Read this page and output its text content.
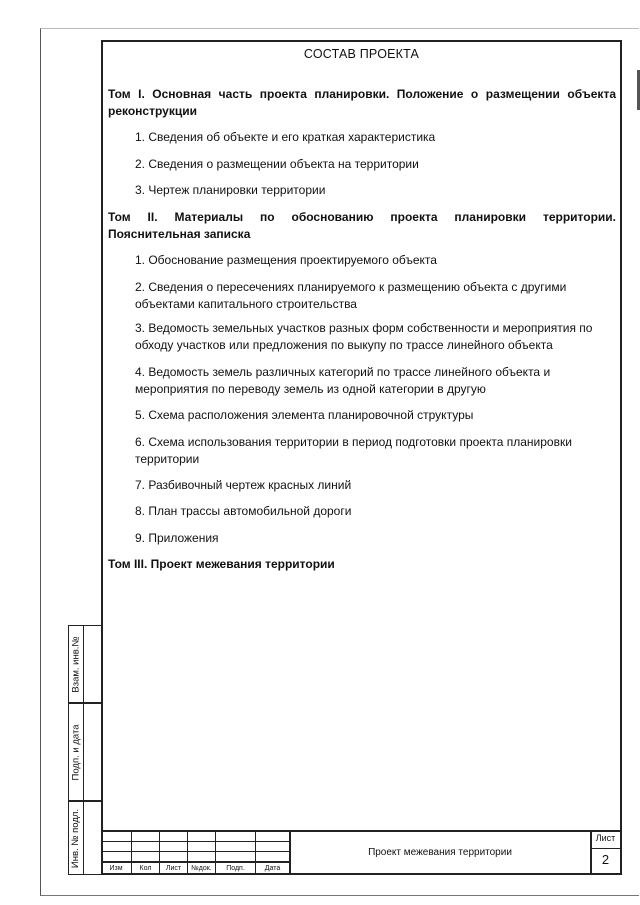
СОСТАВ ПРОЕКТА
Том I. Основная часть проекта планировки. Положение о размещении объекта реконструкции
1. Сведения об объекте и его краткая характеристика
2. Сведения о размещении объекта на территории
3. Чертеж планировки территории
Том II. Материалы по обоснованию проекта планировки территории. Пояснительная записка
1. Обоснование размещения проектируемого объекта
2. Сведения о пересечениях планируемого к размещению объекта с другими объектами капитального строительства
3. Ведомость земельных участков разных форм собственности и мероприятия по обходу участков или предложения по выкупу по трассе линейного объекта
4. Ведомость земель различных категорий по трассе линейного объекта и мероприятия по переводу земель из одной категории в другую
5. Схема расположения элемента планировочной структуры
6. Схема использования территории в период подготовки проекта планировки территории
7. Разбивочный чертеж красных линий
8. План трассы автомобильной дороги
9. Приложения
Том III. Проект межевания территории
Взам. инв.№
Подп. и дата
Инв. № подл.
Изм	Кол	Лист	№док.	Подп.	Дата
Проект межевания территории
Лист
2
